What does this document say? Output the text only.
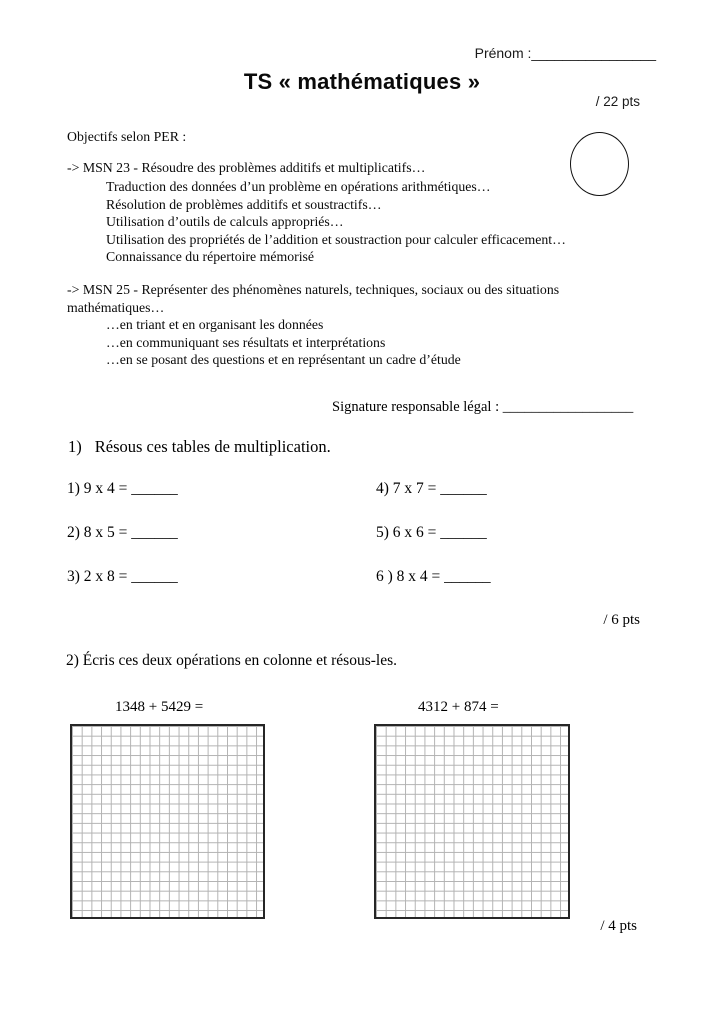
Prénom :________________
TS « mathématiques »
/ 22 pts
Objectifs selon PER :
-> MSN 23 - Résoudre des problèmes additifs et multiplicatifs…
Traduction des données d’un problème en opérations arithmétiques…
Résolution de problèmes additifs et soustractifs…
Utilisation d’outils de calculs appropriés…
Utilisation des propriétés de l’addition et soustraction pour calculer efficacement…
Connaissance du répertoire mémorisé
-> MSN 25 - Représenter des phénomènes naturels, techniques, sociaux ou des situations
mathématiques…
…en triant et en organisant les données
…en communiquant ses résultats et interprétations
…en se posant des questions et en représentant un cadre d’étude
Signature responsable légal : __________________
1) Résous ces tables de multiplication.
1) 9 x 4 = ______
2) 8 x 5 = ______
3) 2 x 8 = ______
4) 7 x 7 = ______
5) 6 x 6 = ______
6 ) 8 x 4 = ______
/ 6 pts
2) Écris ces deux opérations en colonne et résous-les.
1348 + 5429 =	4312 + 874 =
/ 4 pts
